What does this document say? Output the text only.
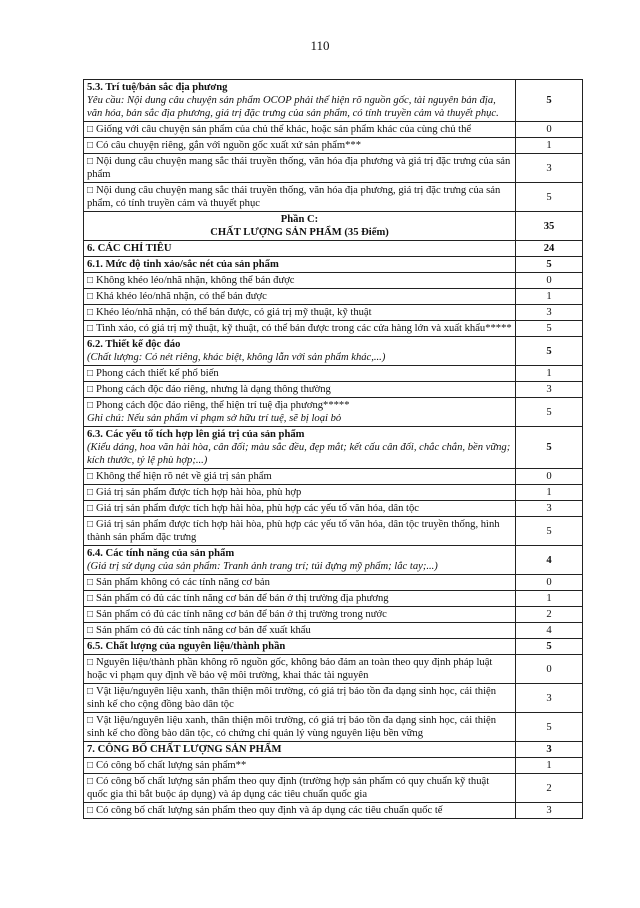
110
5.3. Trí tuệ/bản sắc địa phương
Yêu cầu: Nội dung câu chuyện sản phẩm OCOP phải thể hiện rõ nguồn gốc, tài nguyên bản địa, văn hóa, bản sắc địa phương, giá trị đặc trưng của sản phẩm, có tính truyền cảm và thuyết phục.	5

□ Giống với câu chuyện sản phẩm của chủ thể khác, hoặc sản phẩm khác của cùng chủ thể	0

□ Có câu chuyện riêng, gắn với nguồn gốc xuất xứ sản phẩm***	1

□ Nội dung câu chuyện mang sắc thái truyền thống, văn hóa địa phương và giá trị đặc trưng của sản phẩm	3

□ Nội dung câu chuyện mang sắc thái truyền thống, văn hóa địa phương, giá trị đặc trưng của sản phẩm, có tính truyền cảm và thuyết phục	5

Phần C:
CHẤT LƯỢNG SẢN PHẨM (35 Điểm)	35

6. CÁC CHỈ TIÊU	24

6.1. Mức độ tinh xảo/sắc nét của sản phẩm	5

□ Không khéo léo/nhã nhặn, không thể bán được	0

□ Khá khéo léo/nhã nhặn, có thể bán được	1

□ Khéo léo/nhã nhặn, có thể bán được, có giá trị mỹ thuật, kỹ thuật	3

□ Tinh xảo, có giá trị mỹ thuật, kỹ thuật, có thể bán được trong các cửa hàng lớn và xuất khẩu*****	5

6.2. Thiết kế độc đáo
(Chất lượng: Có nét riêng, khác biệt, không lẫn với sản phẩm khác,...)	5

□ Phong cách thiết kế phổ biến	1

□ Phong cách độc đáo riêng, nhưng là dạng thông thường	3

□ Phong cách độc đáo riêng, thể hiện trí tuệ địa phương*****
Ghi chú: Nếu sản phẩm vi phạm sở hữu trí tuệ, sẽ bị loại bỏ	5

6.3. Các yếu tố tích hợp lên giá trị của sản phẩm
(Kiểu dáng, hoa văn hài hòa, cân đối; màu sắc đều, đẹp mắt; kết cấu cân đối, chắc chắn, bền vững; kích thước, tỷ lệ phù hợp;...)	5

□ Không thể hiện rõ nét về giá trị sản phẩm	0

□ Giá trị sản phẩm được tích hợp hài hòa, phù hợp	1

□ Giá trị sản phẩm được tích hợp hài hòa, phù hợp các yếu tố văn hóa, dân tộc	3

□ Giá trị sản phẩm được tích hợp hài hòa, phù hợp các yếu tố văn hóa, dân tộc truyền thống, hình thành sản phẩm đặc trưng	5

6.4. Các tính năng của sản phẩm
(Giá trị sử dụng của sản phẩm: Tranh ảnh trang trí; túi đựng mỹ phẩm; lắc tay;...)	4

□ Sản phẩm không có các tính năng cơ bản	0

□ Sản phẩm có đủ các tính năng cơ bản để bán ở thị trường địa phương	1

□ Sản phẩm có đủ các tính năng cơ bản để bán ở thị trường trong nước	2

□ Sản phẩm có đủ các tính năng cơ bản để xuất khẩu	4

6.5. Chất lượng của nguyên liệu/thành phần	5

□ Nguyên liệu/thành phần không rõ nguồn gốc, không bảo đảm an toàn theo quy định pháp luật hoặc vi phạm quy định về bảo vệ môi trường, khai thác tài nguyên	0

□ Vật liệu/nguyên liệu xanh, thân thiện môi trường, có giá trị bảo tồn đa dạng sinh học, cải thiện sinh kế cho cộng đồng bào dân tộc	3

□ Vật liệu/nguyên liệu xanh, thân thiện môi trường, có giá trị bảo tồn đa dạng sinh học, cải thiện sinh kế cho đồng bào dân tộc, có chứng chỉ quản lý vùng nguyên liệu bền vững	5

7. CÔNG BỐ CHẤT LƯỢNG SẢN PHẨM	3

□ Có công bố chất lượng sản phẩm**	1

□ Có công bố chất lượng sản phẩm theo quy định (trường hợp sản phẩm có quy chuẩn kỹ thuật quốc gia thì bắt buộc áp dụng) và áp dụng các tiêu chuẩn quốc gia	2

□ Có công bố chất lượng sản phẩm theo quy định và áp dụng các tiêu chuẩn quốc tế	3
